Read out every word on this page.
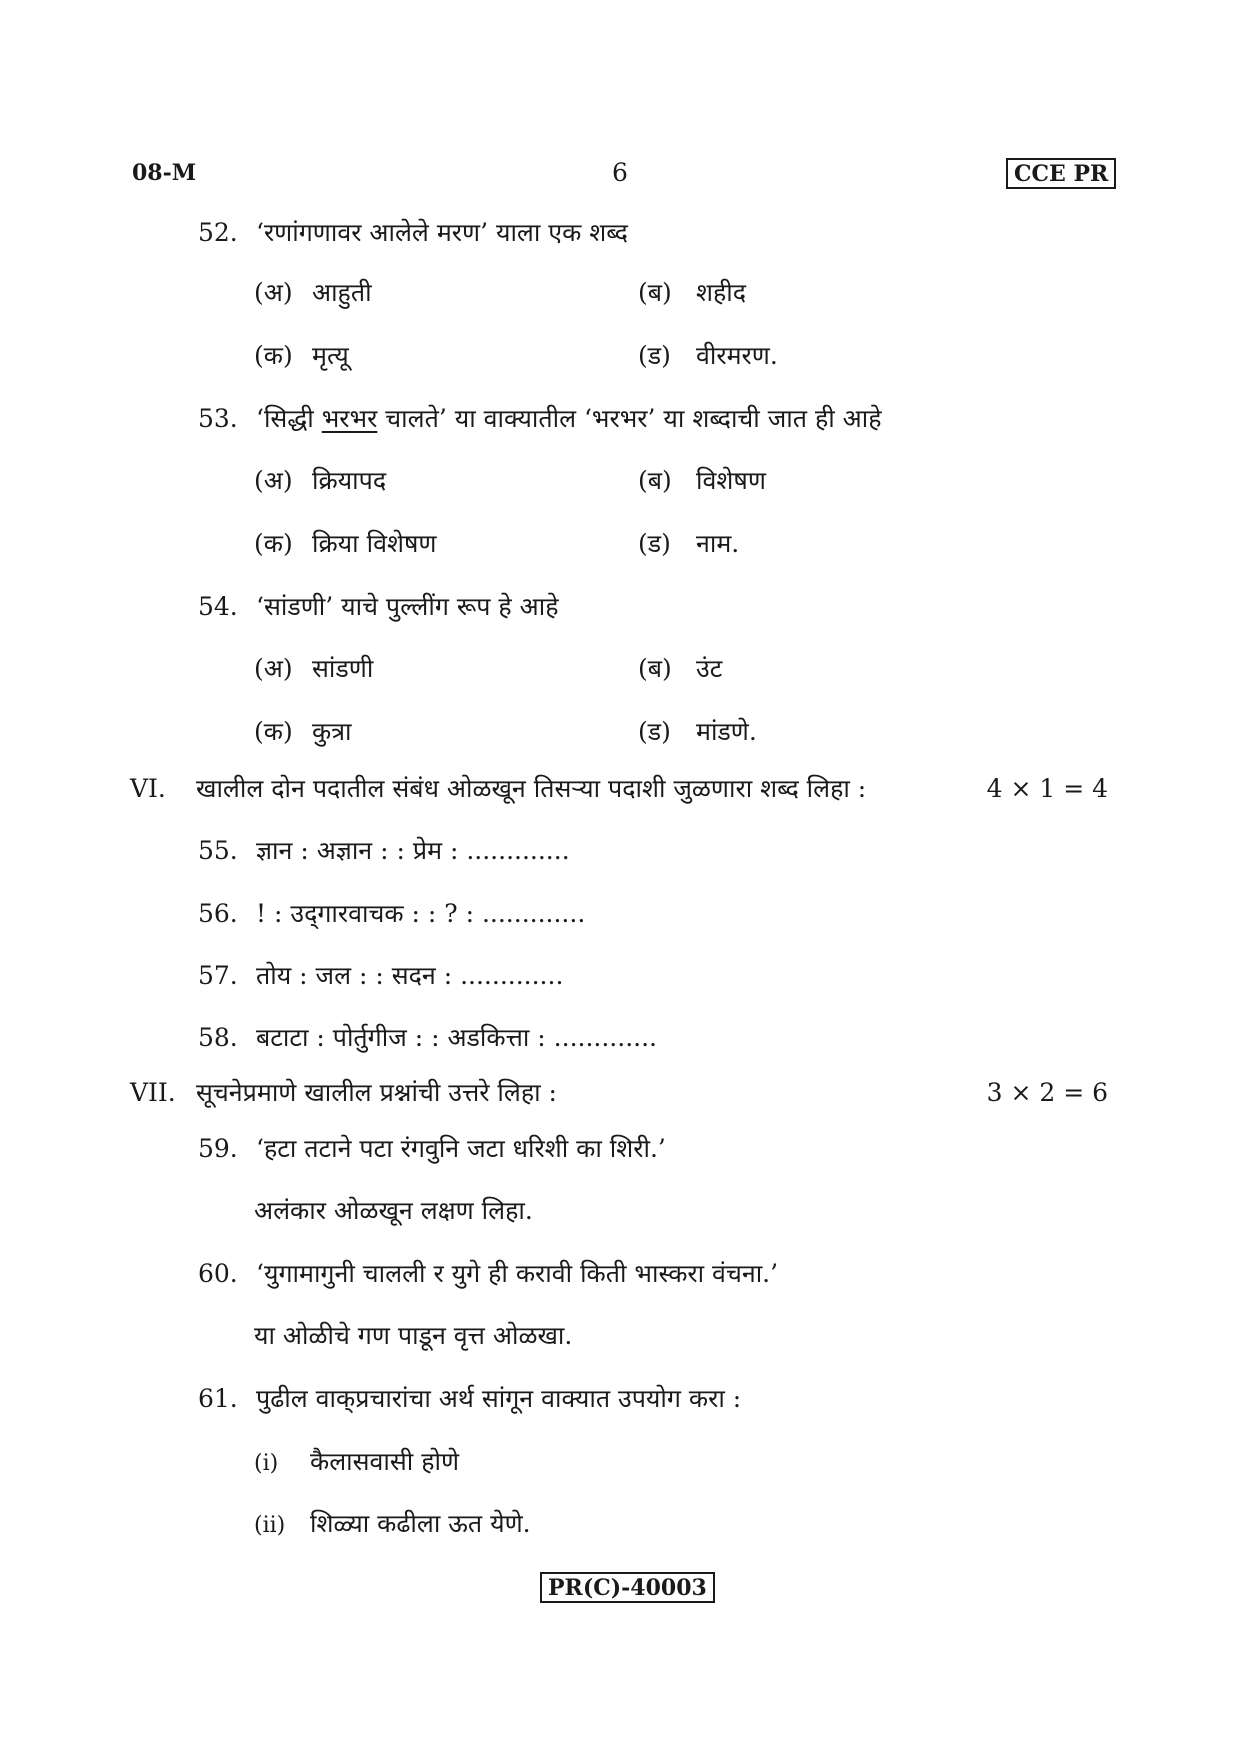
08-M	6	CCE PR
52. ‘रणांगणावर आलेले मरण’ याला एक शब्द
(अ) आहुती	(ब) शहीद
(क) मृत्यू	(ड) वीरमरण.
53. ‘सिद्धी भरभर चालते’ या वाक्यातील ‘भरभर’ या शब्दाची जात ही आहे
(अ) क्रियापद	(ब) विशेषण
(क) क्रिया विशेषण	(ड) नाम.
54. ‘सांडणी’ याचे पुल्लींग रूप हे आहे
(अ) सांडणी	(ब) उंट
(क) कुत्रा	(ड) मांडणे.
VI. खालील दोन पदातील संबंध ओळखून तिसऱ्या पदाशी जुळणारा शब्द लिहा :	4 × 1 = 4
55. ज्ञान : अज्ञान : : प्रेम : .............
56. ! : उद्‌गारवाचक : : ? : .............
57. तोय : जल : : सदन : .............
58. बटाटा : पोर्तुगीज : : अडकित्ता : .............
VII. सूचनेप्रमाणे खालील प्रश्नांची उत्तरे लिहा :	3 × 2 = 6
59. ‘हटा तटाने पटा रंगवुनि जटा धरिशी का शिरी.’
अलंकार ओळखून लक्षण लिहा.
60. ‘युगामागुनी चालली र युगे ही करावी किती भास्करा वंचना.’
या ओळीचे गण पाडून वृत्त ओळखा.
61. पुढील वाक्‌प्रचारांचा अर्थ सांगून वाक्यात उपयोग करा :
(i) कैलासवासी होणे
(ii) शिळ्या कढीला ऊत येणे.
PR(C)-40003
